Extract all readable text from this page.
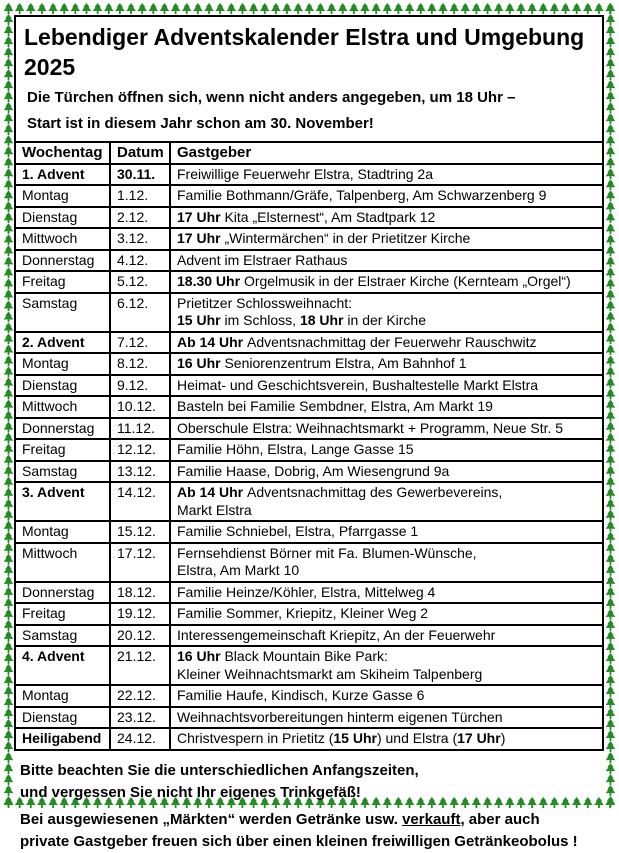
Lebendiger Adventskalender Elstra und Umgebung 2025

Die Türchen öffnen sich, wenn nicht anders angegeben, um 18 Uhr –

Start ist in diesem Jahr schon am 30. November!

Wochentag	Datum	Gastgeber
1. Advent	30.11.	Freiwillige Feuerwehr Elstra, Stadtring 2a
Montag	1.12.	Familie Bothmann/Gräfe, Talpenberg, Am Schwarzenberg 9
Dienstag	2.12.	17 Uhr Kita „Elsternest“, Am Stadtpark 12
Mittwoch	3.12.	17 Uhr „Wintermärchen“ in der Prietitzer Kirche
Donnerstag	4.12.	Advent im Elstraer Rathaus
Freitag	5.12.	18.30 Uhr Orgelmusik in der Elstraer Kirche (Kernteam „Orgel“)
Samstag	6.12.	Prietitzer Schlossweihnacht:
15 Uhr im Schloss, 18 Uhr in der Kirche
2. Advent	7.12.	Ab 14 Uhr Adventsnachmittag der Feuerwehr Rauschwitz
Montag	8.12.	16 Uhr Seniorenzentrum Elstra, Am Bahnhof 1
Dienstag	9.12.	Heimat- und Geschichtsverein, Bushaltestelle Markt Elstra
Mittwoch	10.12.	Basteln bei Familie Sembdner, Elstra, Am Markt 19
Donnerstag	11.12.	Oberschule Elstra: Weihnachtsmarkt + Programm, Neue Str. 5
Freitag	12.12.	Familie Höhn, Elstra, Lange Gasse 15
Samstag	13.12.	Familie Haase, Dobrig, Am Wiesengrund 9a
3. Advent	14.12.	Ab 14 Uhr Adventsnachmittag des Gewerbevereins,
Markt Elstra
Montag	15.12.	Familie Schniebel, Elstra, Pfarrgasse 1
Mittwoch	17.12.	Fernsehdienst Börner mit Fa. Blumen-Wünsche,
Elstra, Am Markt 10
Donnerstag	18.12.	Familie Heinze/Köhler, Elstra, Mittelweg 4
Freitag	19.12.	Familie Sommer, Kriepitz, Kleiner Weg 2
Samstag	20.12.	Interessengemeinschaft Kriepitz, An der Feuerwehr
4. Advent	21.12.	16 Uhr Black Mountain Bike Park:
Kleiner Weihnachtsmarkt am Skiheim Talpenberg
Montag	22.12.	Familie Haufe, Kindisch, Kurze Gasse 6
Dienstag	23.12.	Weihnachtsvorbereitungen hinterm eigenen Türchen
Heiligabend	24.12.	Christvespern in Prietitz (15 Uhr) und Elstra (17 Uhr)

Bitte beachten Sie die unterschiedlichen Anfangszeiten,
und vergessen Sie nicht Ihr eigenes Trinkgefäß!

Bei ausgewiesenen „Märkten“ werden Getränke usw. verkauft, aber auch
private Gastgeber freuen sich über einen kleinen freiwilligen Getränkeobolus !
